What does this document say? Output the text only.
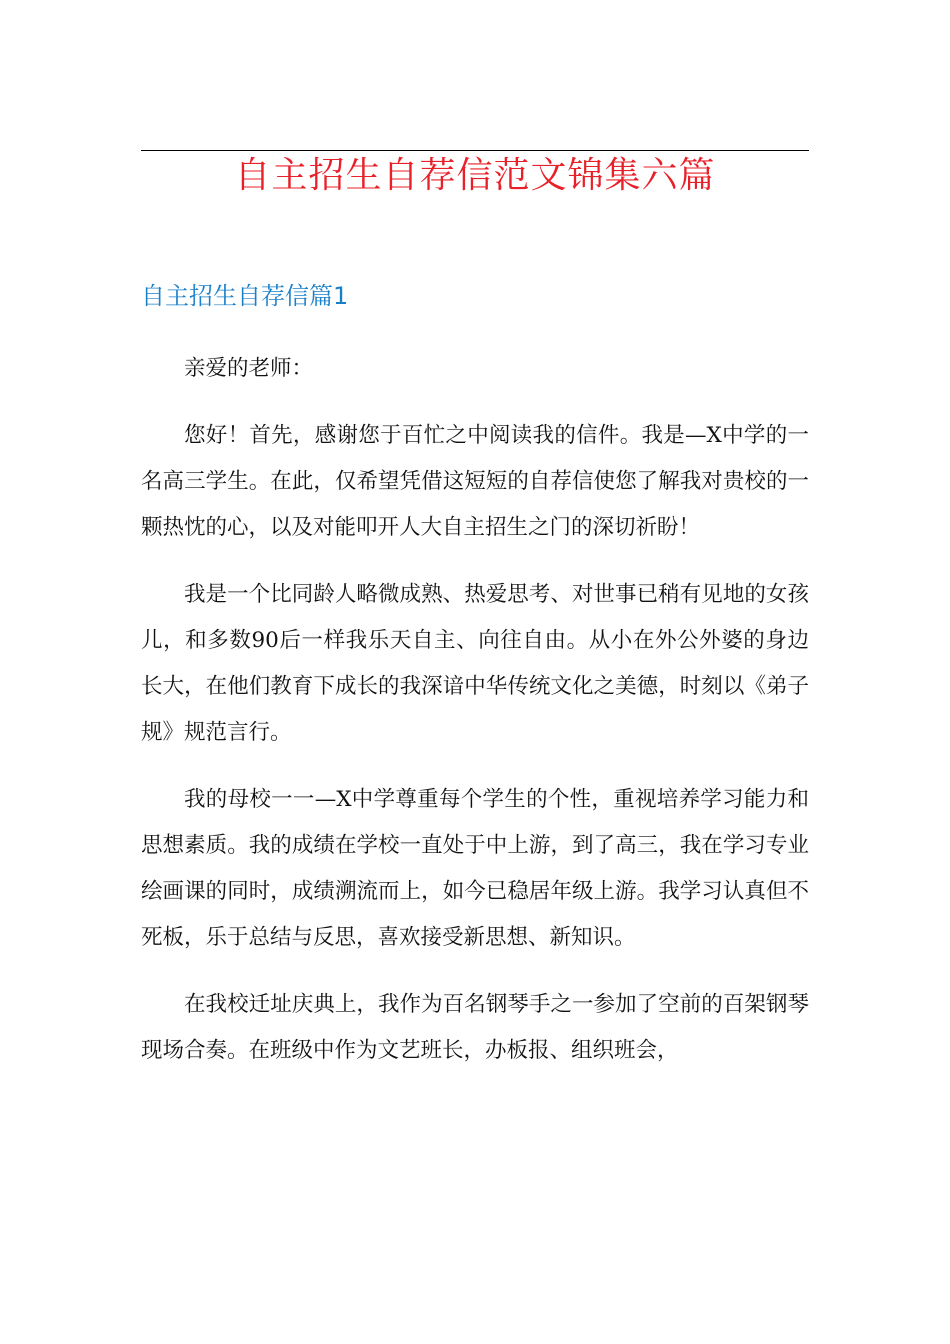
自主招生自荐信范文锦集六篇
自主招生自荐信篇1

亲爱的老师：

您好！首先，感谢您于百忙之中阅读我的信件。我是—X中学的一名高三学生。在此，仅希望凭借这短短的自荐信使您了解我对贵校的一颗热忱的心，以及对能叩开人大自主招生之门的深切祈盼！

我是一个比同龄人略微成熟、热爱思考、对世事已稍有见地的女孩儿，和多数90后一样我乐天自主、向往自由。从小在外公外婆的身边长大，在他们教育下成长的我深谙中华传统文化之美德，时刻以《弟子规》规范言行。

我的母校一一—X中学尊重每个学生的个性，重视培养学习能力和思想素质。我的成绩在学校一直处于中上游，到了高三，我在学习专业绘画课的同时，成绩溯流而上，如今已稳居年级上游。我学习认真但不死板，乐于总结与反思，喜欢接受新思想、新知识。

在我校迁址庆典上，我作为百名钢琴手之一参加了空前的百架钢琴现场合奏。在班级中作为文艺班长，办板报、组织班会，
